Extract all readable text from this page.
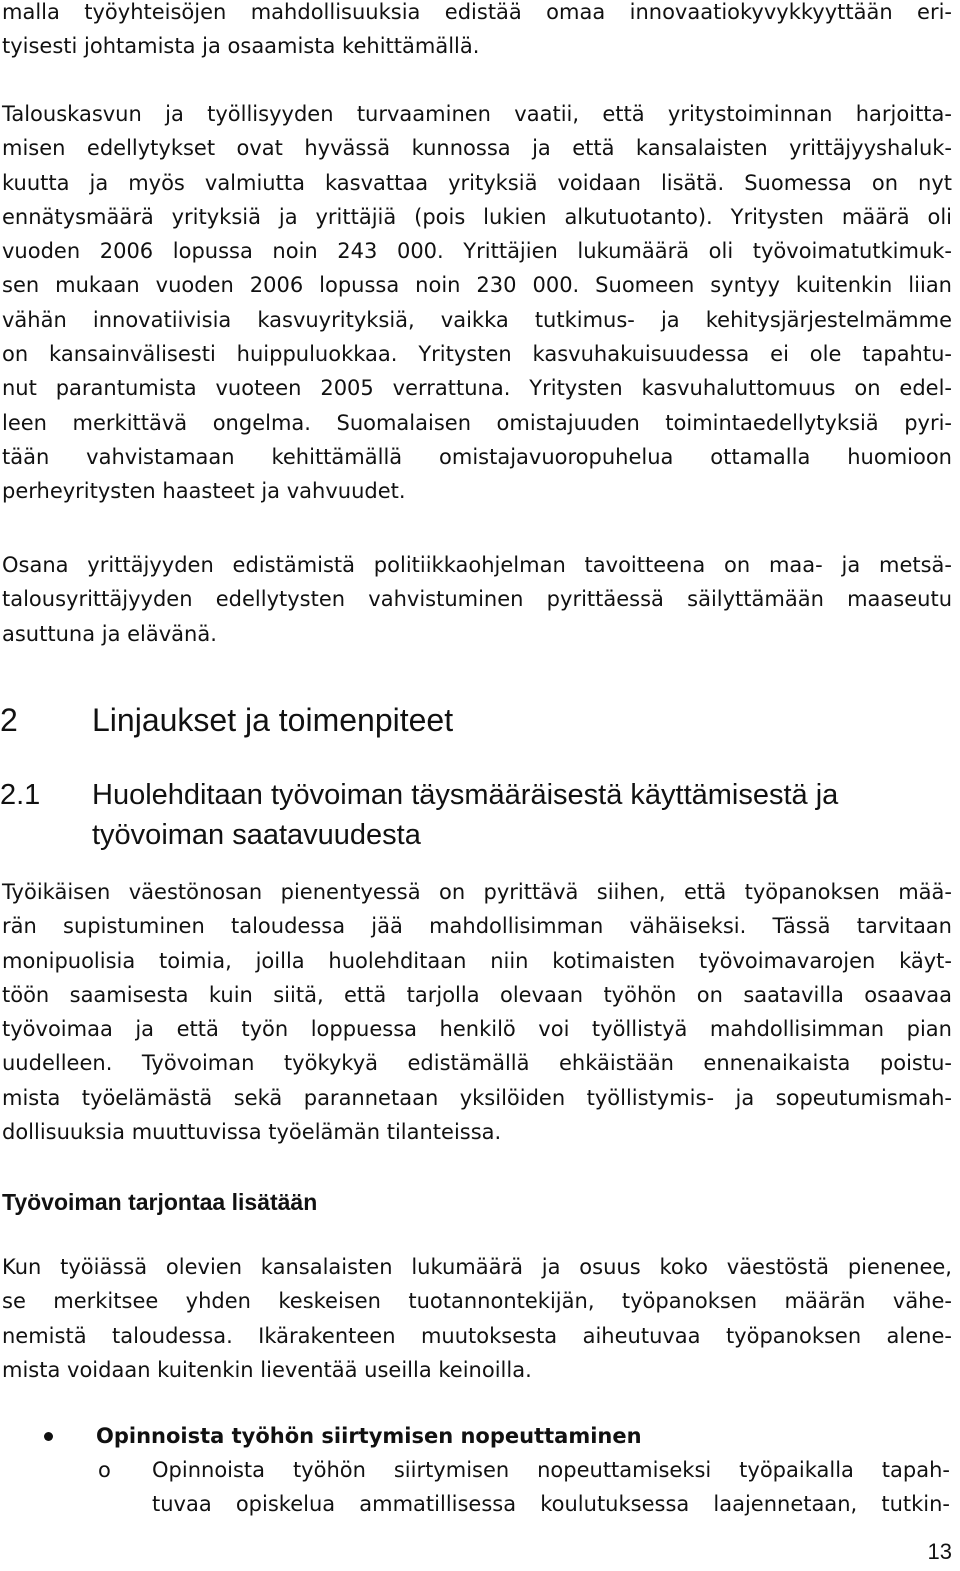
malla työyhteisöjen mahdollisuuksia edistää omaa innovaatiokyvykkyyttään eri-
tyisesti johtamista ja osaamista kehittämällä.
Talouskasvun ja työllisyyden turvaaminen vaatii, että yritystoiminnan harjoitta-
misen edellytykset ovat hyvässä kunnossa ja että kansalaisten yrittäjyyshaluk-
kuutta ja myös valmiutta kasvattaa yrityksiä voidaan lisätä. Suomessa on nyt
ennätysmäärä yrityksiä ja yrittäjiä (pois lukien alkutuotanto). Yritysten määrä oli
vuoden 2006 lopussa noin 243 000. Yrittäjien lukumäärä oli työvoimatutkimuk-
sen mukaan vuoden 2006 lopussa noin 230 000. Suomeen syntyy kuitenkin liian
vähän innovatiivisia kasvuyrityksiä, vaikka tutkimus- ja kehitysjärjestelmämme
on kansainvälisesti huippuluokkaa. Yritysten kasvuhakuisuudessa ei ole tapahtu-
nut parantumista vuoteen 2005 verrattuna. Yritysten kasvuhaluttomuus on edel-
leen merkittävä ongelma. Suomalaisen omistajuuden toimintaedellytyksiä pyri-
tään vahvistamaan kehittämällä omistajavuoropuhelua ottamalla huomioon
perheyritysten haasteet ja vahvuudet.
Osana yrittäjyyden edistämistä politiikkaohjelman tavoitteena on maa- ja metsä-
talousyrittäjyyden edellytysten vahvistuminen pyrittäessä säilyttämään maaseutu
asuttuna ja elävänä.
2 Linjaukset ja toimenpiteet
2.1 Huolehditaan työvoiman täysmääräisestä käyttämisestä ja työvoiman saatavuudesta
Työikäisen väestönosan pienentyessä on pyrittävä siihen, että työpanoksen mää-
rän supistuminen taloudessa jää mahdollisimman vähäiseksi. Tässä tarvitaan
monipuolisia toimia, joilla huolehditaan niin kotimaisten työvoimavarojen käyt-
töön saamisesta kuin siitä, että tarjolla olevaan työhön on saatavilla osaavaa
työvoimaa ja että työn loppuessa henkilö voi työllistyä mahdollisimman pian
uudelleen. Työvoiman työkykyä edistämällä ehkäistään ennenaikaista poistu-
mista työelämästä sekä parannetaan yksilöiden työllistymis- ja sopeutumismah-
dollisuuksia muuttuvissa työelämän tilanteissa.
Työvoiman tarjontaa lisätään
Kun työiässä olevien kansalaisten lukumäärä ja osuus koko väestöstä pienenee,
se merkitsee yhden keskeisen tuotannontekijän, työpanoksen määrän vähe-
nemistä taloudessa. Ikärakenteen muutoksesta aiheutuvaa työpanoksen alene-
mista voidaan kuitenkin lieventää useilla keinoilla.
Opinnoista työhön siirtymisen nopeuttaminen
o Opinnoista työhön siirtymisen nopeuttamiseksi työpaikalla tapah-
tuvaa opiskelua ammatillisessa koulutuksessa laajennetaan, tutkin-
13
